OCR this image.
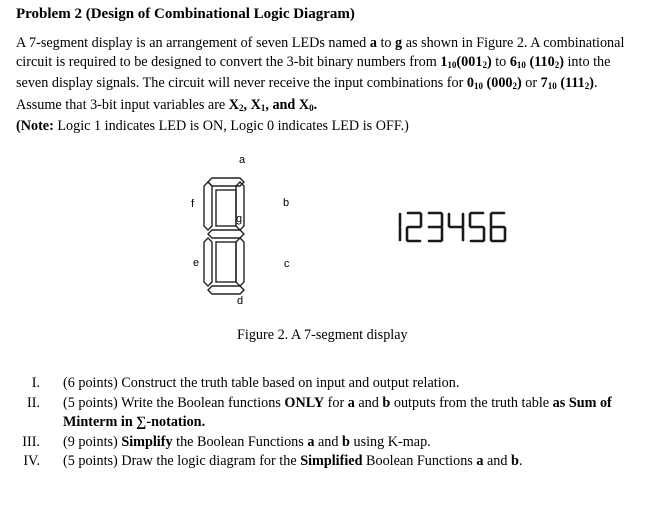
Problem 2 (Design of Combinational Logic Diagram)
A 7-segment display is an arrangement of seven LEDs named a to g as shown in Figure 2. A combinational circuit is required to be designed to convert the 3-bit binary numbers from $1_{10}(001_2)$ to $6_{10}$ $(110_2)$ into the seven display signals. The circuit will never receive the input combinations for $0_{10}$ $(000_2)$ or $7_{10}$ $(111_2)$. Assume that 3-bit input variables are $X_2$, $X_1$, and $X_0$.
(Note: Logic 1 indicates LED is ON, Logic 0 indicates LED is OFF.)
a
b
c
d
e
f
g
Figure 2. A 7-segment display
I. (6 points) Construct the truth table based on input and output relation.
II. (5 points) Write the Boolean functions ONLY for a and b outputs from the truth table as Sum of Minterm in ∑-notation.
III. (9 points) Simplify the Boolean Functions a and b using K-map.
IV. (5 points) Draw the logic diagram for the Simplified Boolean Functions a and b.
